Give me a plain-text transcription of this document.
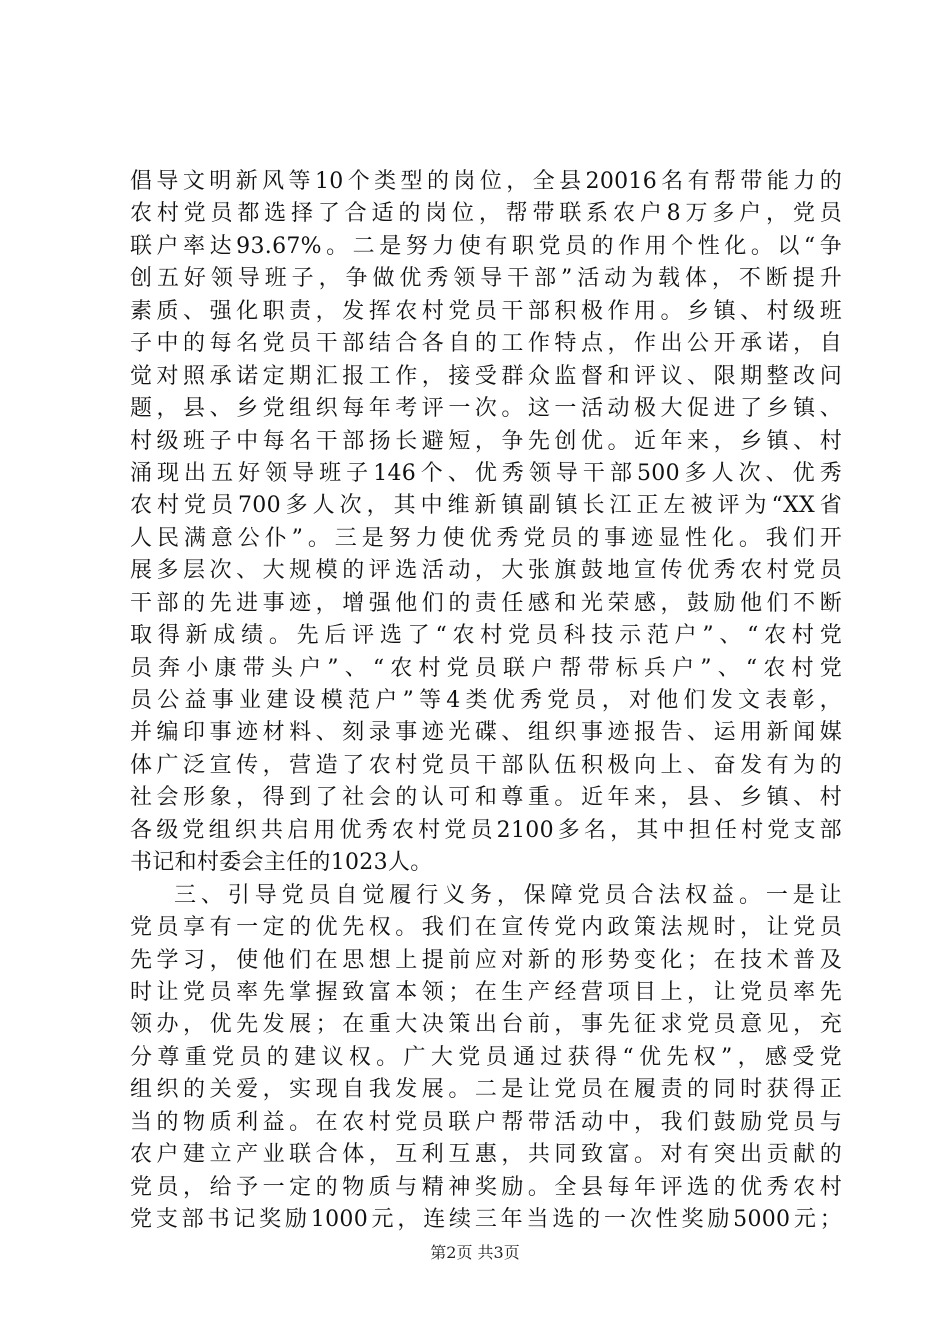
倡导文明新风等10个类型的岗位，全县20016名有帮带能力的
农村党员都选择了合适的岗位，帮带联系农户8万多户，党员
联户率达93.67%。二是努力使有职党员的作用个性化。以“争
创五好领导班子，争做优秀领导干部”活动为载体，不断提升
素质、强化职责，发挥农村党员干部积极作用。乡镇、村级班
子中的每名党员干部结合各自的工作特点，作出公开承诺，自
觉对照承诺定期汇报工作，接受群众监督和评议、限期整改问
题，县、乡党组织每年考评一次。这一活动极大促进了乡镇、
村级班子中每名干部扬长避短，争先创优。近年来，乡镇、村
涌现出五好领导班子146个、优秀领导干部500多人次、优秀
农村党员700多人次，其中维新镇副镇长江正左被评为“XX省
人民满意公仆”。三是努力使优秀党员的事迹显性化。我们开
展多层次、大规模的评选活动，大张旗鼓地宣传优秀农村党员
干部的先进事迹，增强他们的责任感和光荣感，鼓励他们不断
取得新成绩。先后评选了“农村党员科技示范户”、“农村党
员奔小康带头户”、“农村党员联户帮带标兵户”、“农村党
员公益事业建设模范户”等4类优秀党员，对他们发文表彰，
并编印事迹材料、刻录事迹光碟、组织事迹报告、运用新闻媒
体广泛宣传，营造了农村党员干部队伍积极向上、奋发有为的
社会形象，得到了社会的认可和尊重。近年来，县、乡镇、村
各级党组织共启用优秀农村党员2100多名，其中担任村党支部
书记和村委会主任的1023人。
三、引导党员自觉履行义务，保障党员合法权益。一是让
党员享有一定的优先权。我们在宣传党内政策法规时，让党员
先学习，使他们在思想上提前应对新的形势变化；在技术普及
时让党员率先掌握致富本领；在生产经营项目上，让党员率先
领办，优先发展；在重大决策出台前，事先征求党员意见，充
分尊重党员的建议权。广大党员通过获得“优先权”，感受党
组织的关爱，实现自我发展。二是让党员在履责的同时获得正
当的物质利益。在农村党员联户帮带活动中，我们鼓励党员与
农户建立产业联合体，互利互惠，共同致富。对有突出贡献的
党员，给予一定的物质与精神奖励。全县每年评选的优秀农村
党支部书记奖励1000元，连续三年当选的一次性奖励5000元；
第2页 共3页
